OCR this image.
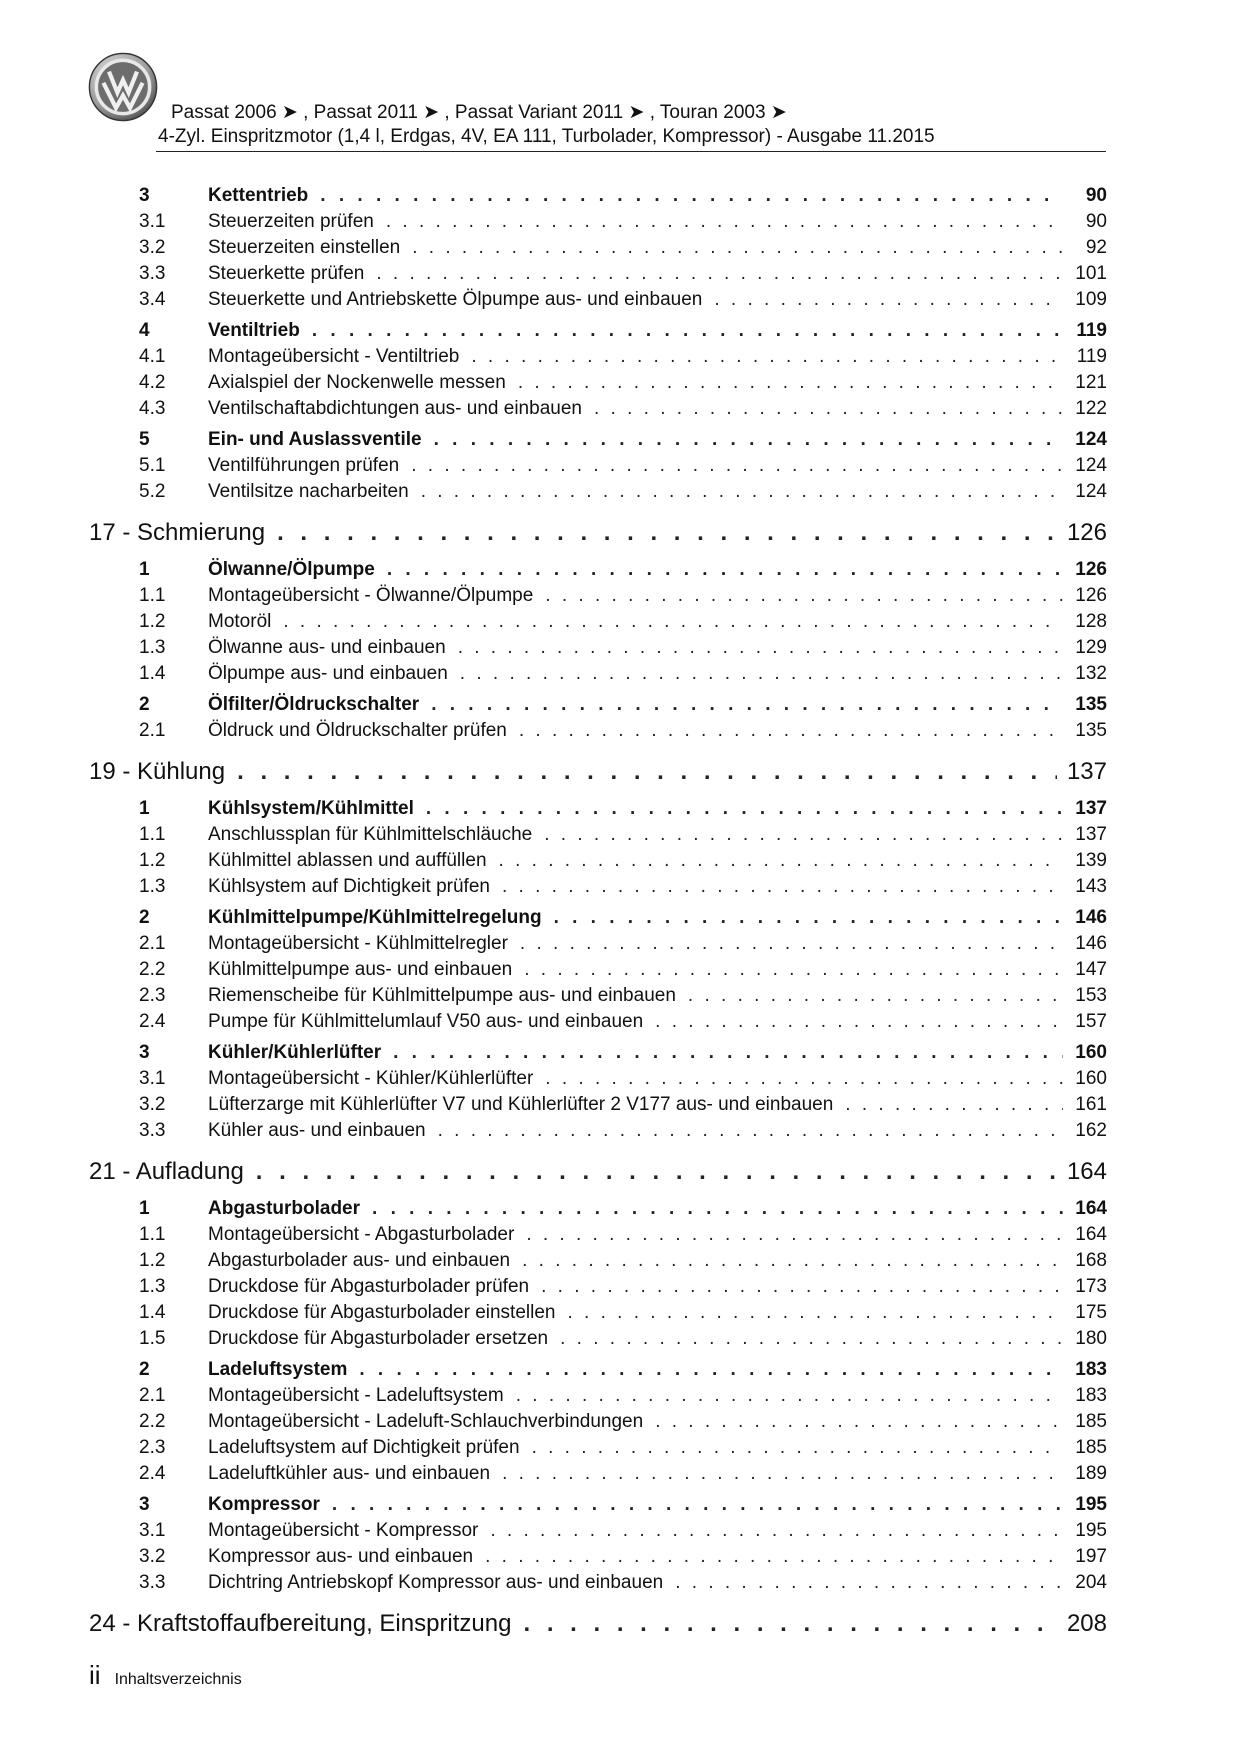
Passat 2006 ➤ , Passat 2011 ➤ , Passat Variant 2011 ➤ , Touran 2003 ➤
4-Zyl. Einspritzmotor (1,4 l, Erdgas, 4V, EA 111, Turbolader, Kompressor) - Ausgabe 11.2015
3	Kettentrieb . . .	90
3.1 Steuerzeiten prüfen . . .	90
3.2 Steuerzeiten einstellen . . .	92
3.3 Steuerkette prüfen . . .	101
3.4 Steuerkette und Antriebskette Ölpumpe aus- und einbauen . . .	109
4	Ventiltrieb . . .	119
4.1 Montageübersicht - Ventiltrieb . . .	119
4.2 Axialspiel der Nockenwelle messen . . .	121
4.3 Ventilschaftabdichtungen aus- und einbauen . . .	122
5	Ein- und Auslassventile . . .	124
5.1 Ventilführungen prüfen . . .	124
5.2 Ventilsitze nacharbeiten . . .	124
17 - Schmierung . . .	126
1	Ölwanne/Ölpumpe . . .	126
1.1 Montageübersicht - Ölwanne/Ölpumpe . . .	126
1.2 Motoröl . . .	128
1.3 Ölwanne aus- und einbauen . . .	129
1.4 Ölpumpe aus- und einbauen . . .	132
2	Ölfilter/Öldruckschalter . . .	135
2.1 Öldruck und Öldruckschalter prüfen . . .	135
19 - Kühlung . . .	137
1	Kühlsystem/Kühlmittel . . .	137
1.1 Anschlussplan für Kühlmittelschläuche . . .	137
1.2 Kühlmittel ablassen und auffüllen . . .	139
1.3 Kühlsystem auf Dichtigkeit prüfen . . .	143
2	Kühlmittelpumpe/Kühlmittelregelung . . .	146
2.1 Montageübersicht - Kühlmittelregler . . .	146
2.2 Kühlmittelpumpe aus- und einbauen . . .	147
2.3 Riemenscheibe für Kühlmittelpumpe aus- und einbauen . . .	153
2.4 Pumpe für Kühlmittelumlauf V50 aus- und einbauen . . .	157
3	Kühler/Kühlerlüfter . . .	160
3.1 Montageübersicht - Kühler/Kühlerlüfter . . .	160
3.2 Lüfterzarge mit Kühlerlüfter V7 und Kühlerlüfter 2 V177 aus- und einbauen . . .	161
3.3 Kühler aus- und einbauen . . .	162
21 - Aufladung . . .	164
1	Abgasturbolader . . .	164
1.1 Montageübersicht - Abgasturbolader . . .	164
1.2 Abgasturbolader aus- und einbauen . . .	168
1.3 Druckdose für Abgasturbolader prüfen . . .	173
1.4 Druckdose für Abgasturbolader einstellen . . .	175
1.5 Druckdose für Abgasturbolader ersetzen . . .	180
2	Ladeluftsystem . . .	183
2.1 Montageübersicht - Ladeluftsystem . . .	183
2.2 Montageübersicht - Ladeluft-Schlauchverbindungen . . .	185
2.3 Ladeluftsystem auf Dichtigkeit prüfen . . .	185
2.4 Ladeluftkühler aus- und einbauen . . .	189
3	Kompressor . . .	195
3.1 Montageübersicht - Kompressor . . .	195
3.2 Kompressor aus- und einbauen . . .	197
3.3 Dichtring Antriebskopf Kompressor aus- und einbauen . . .	204
24 - Kraftstoffaufbereitung, Einspritzung . . .	208
ii Inhaltsverzeichnis
